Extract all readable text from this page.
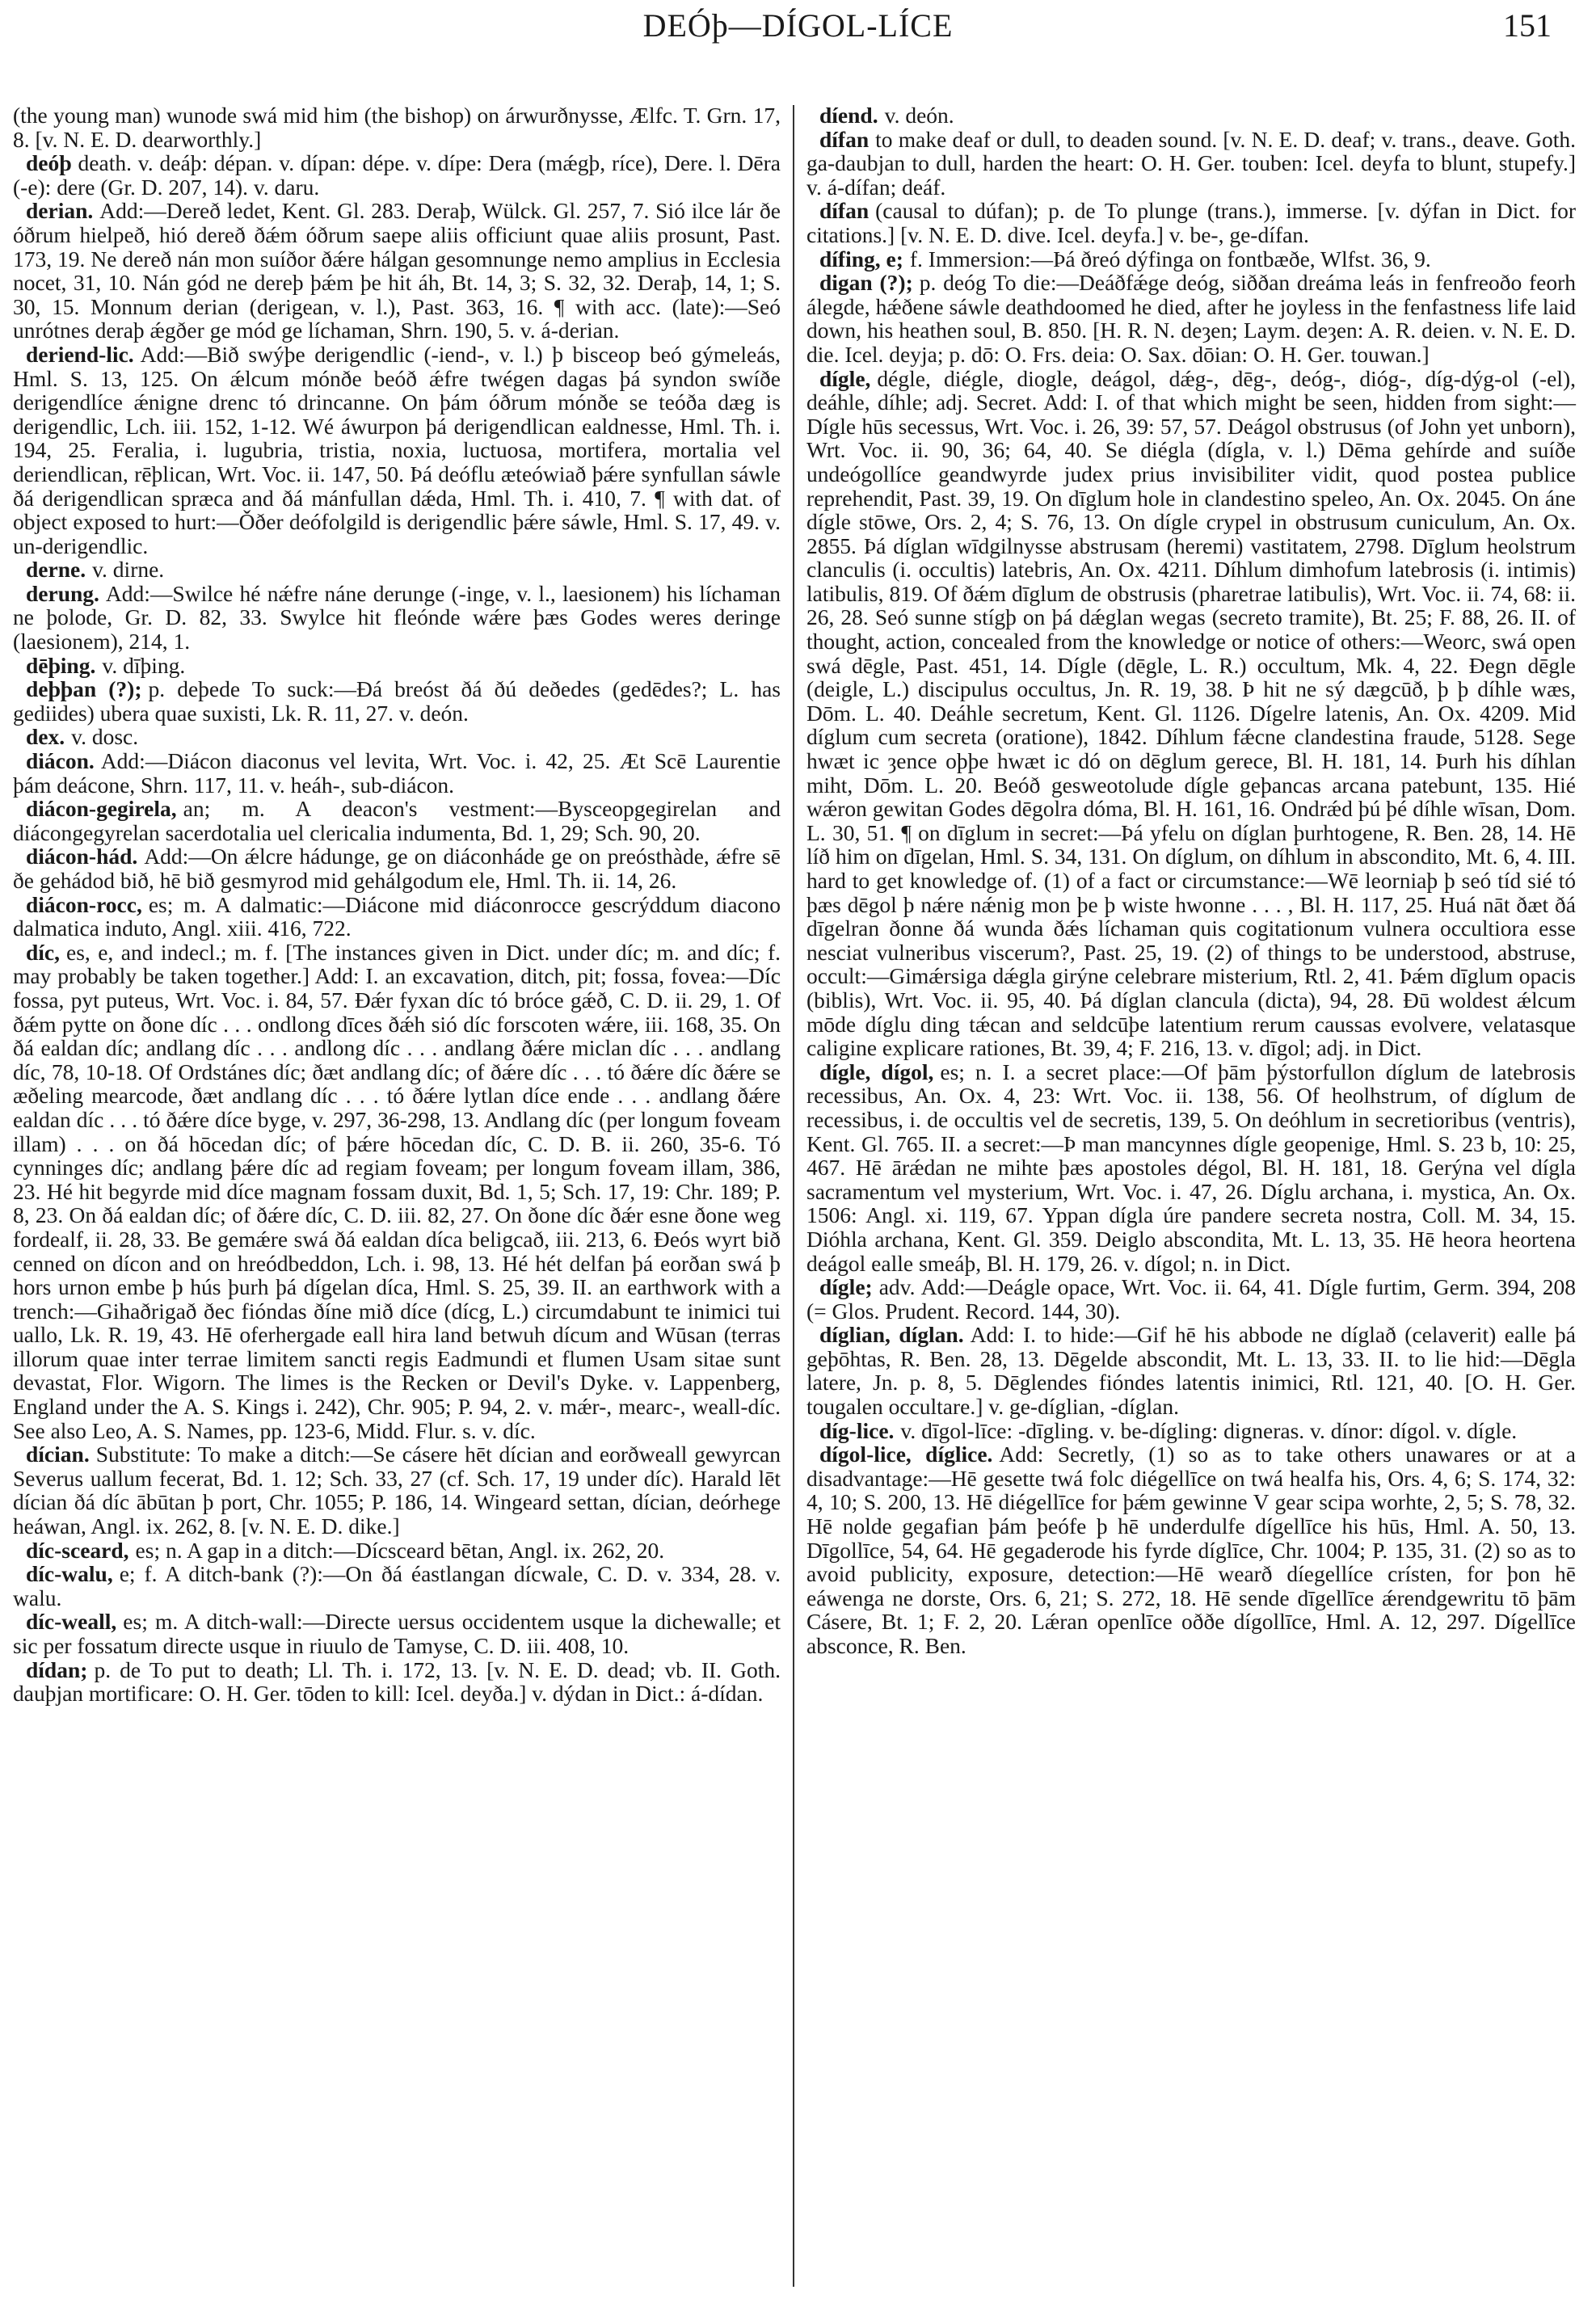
DEÓþ—DÍGOL-LÍCE	151

(the young man) wunode swá mid him (the bishop) on árwurðnysse, Ælfc. T. Grn. 17, 8. [v. N. E. D. dearworthly.]

deóþ death. v. deáþ: dépan. v. dípan: dépe. v. dípe: Dera (mǽgþ, ríce), Dere. l. Dēra (-e): dere (Gr. D. 207, 14). v. daru.

derian. Add:—Dereð ledet, Kent. Gl. 283. Deraþ, Wülck. Gl. 257, 7. Sió ilce lár ðe óðrum hielpeð, hió dereð ðǽm óðrum saepe aliis officiunt quae aliis prosunt, Past. 173, 19. Ne dereð nán mon suíðor ðǽre hálgan gesomnunge nemo amplius in Ecclesia nocet, 31, 10. Nán gód ne dereþ þǽm þe hit áh, Bt. 14, 3; S. 32, 32. Deraþ, 14, 1; S. 30, 15. Monnum derian (derigean, v. l.), Past. 363, 16. ¶ with acc. (late):—Seó unrótnes deraþ ǽgðer ge mód ge líchaman, Shrn. 190, 5. v. á-derian.

deriend-lic. Add:—Bið swýþe derigendlic (-iend-, v. l.) þ bisceop beó gýmeleás, Hml. S. 13, 125. On ǽlcum mónðe beóð ǽfre twégen dagas þá syndon swíðe derigendlíce ǽnigne drenc tó drincanne. On þám óðrum mónðe se teóða dæg is derigendlic, Lch. iii. 152, 1-12. Wé áwurpon þá derigendlican ealdnesse, Hml. Th. i. 194, 25. Feralia, i. lugubria, tristia, noxia, luctuosa, mortifera, mortalia vel deriendlican, rēþlican, Wrt. Voc. ii. 147, 50. Þá deóflu æteówiað þǽre synfullan sáwle ðá derigendlican spræca and ðá mánfullan dǽda, Hml. Th. i. 410, 7. ¶ with dat. of object exposed to hurt:—Ǒðer deófolgild is derigendlic þǽre sáwle, Hml. S. 17, 49. v. un-derigendlic.

derne. v. dirne.

derung. Add:—Swilce hé nǽfre náne derunge (-inge, v. l., laesionem) his líchaman ne þolode, Gr. D. 82, 33. Swylce hit fleónde wǽre þæs Godes weres deringe (laesionem), 214, 1.

dēþing. v. dīþing.

deþþan (?); p. deþede To suck:—Ðá breóst ðá ðú deðedes (gedēdes?; L. has gediides) ubera quae suxisti, Lk. R. 11, 27. v. deón.

dex. v. dosc.

diácon. Add:—Diácon diaconus vel levita, Wrt. Voc. i. 42, 25. Æt Scē Laurentie þám deácone, Shrn. 117, 11. v. heáh-, sub-diácon.

diácon-gegirela, an; m. A deacon's vestment:—Bysceopgegirelan and diácongegyrelan sacerdotalia uel clericalia indumenta, Bd. 1, 29; Sch. 90, 20.

diácon-hád. Add:—On ǽlcre hádunge, ge on diáconháde ge on preósthàde, ǽfre sē ðe gehádod bið, hē bið gesmyrod mid gehálgodum ele, Hml. Th. ii. 14, 26.

diácon-rocc, es; m. A dalmatic:—Diácone mid diáconrocce gescrýddum diacono dalmatica induto, Angl. xiii. 416, 722.

díc, es, e, and indecl.; m. f. [The instances given in Dict. under díc; m. and díc; f. may probably be taken together.] Add: I. an excavation, ditch, pit; fossa, fovea:—Díc fossa, pyt puteus, Wrt. Voc. i. 84, 57. Ðǽr fyxan díc tó bróce gǽð, C. D. ii. 29, 1. Of ðǽm pytte on ðone díc . . . ondlong dīces ðǽh sió díc forscoten wǽre, iii. 168, 35. On ðá ealdan díc; andlang díc . . . andlong díc . . . andlang ðǽre miclan díc . . . andlang díc, 78, 10-18. Of Ordstánes díc; ðæt andlang díc; of ðǽre díc . . . tó ðǽre díc ðǽre se æðeling mearcode, ðæt andlang díc . . . tó ðǽre lytlan díce ende . . . andlang ðǽre ealdan díc . . . tó ðǽre díce byge, v. 297, 36-298, 13. Andlang díc (per longum foveam illam) . . . on ðá hōcedan díc; of þǽre hōcedan díc, C. D. B. ii. 260, 35-6. Tó cynninges díc; andlang þǽre díc ad regiam foveam; per longum foveam illam, 386, 23. Hé hit begyrde mid díce magnam fossam duxit, Bd. 1, 5; Sch. 17, 19: Chr. 189; P. 8, 23. On ðá ealdan díc; of ðǽre díc, C. D. iii. 82, 27. On ðone díc ðǽr esne ðone weg fordealf, ii. 28, 33. Be gemǽre swá ðá ealdan díca beligcað, iii. 213, 6. Ðeós wyrt bið cenned on dícon and on hreódbeddon, Lch. i. 98, 13. Hé hét delfan þá eorðan swá þ hors urnon embe þ hús þurh þá dígelan díca, Hml. S. 25, 39. II. an earthwork with a trench:—Gihaðrigað ðec fióndas ðíne mið díce (dícg, L.) circumdabunt te inimici tui uallo, Lk. R. 19, 43. Hē oferhergade eall hira land betwuh dícum and Wūsan (terras illorum quae inter terrae limitem sancti regis Eadmundi et flumen Usam sitae sunt devastat, Flor. Wigorn. The limes is the Recken or Devil's Dyke. v. Lappenberg, England under the A. S. Kings i. 242), Chr. 905; P. 94, 2. v. mǽr-, mearc-, weall-díc. See also Leo, A. S. Names, pp. 123-6, Midd. Flur. s. v. díc.

dícian. Substitute: To make a ditch:—Se cásere hēt dícian and eorðweall gewyrcan Severus uallum fecerat, Bd. 1. 12; Sch. 33, 27 (cf. Sch. 17, 19 under díc). Harald lēt dícian ðá díc ābūtan þ port, Chr. 1055; P. 186, 14. Wingeard settan, dícian, deórhege heáwan, Angl. ix. 262, 8. [v. N. E. D. dike.]

díc-sceard, es; n. A gap in a ditch:—Dícsceard bētan, Angl. ix. 262, 20.

díc-walu, e; f. A ditch-bank (?):—On ðá éastlangan dícwale, C. D. v. 334, 28. v. walu.

díc-weall, es; m. A ditch-wall:—Directe uersus occidentem usque la dichewalle; et sic per fossatum directe usque in riuulo de Tamyse, C. D. iii. 408, 10.

dídan; p. de To put to death; Ll. Th. i. 172, 13. [v. N. E. D. dead; vb. II. Goth. dauþjan mortificare: O. H. Ger. tōden to kill: Icel. deyða.] v. dýdan in Dict.: á-dídan.

díend. v. deón.

dífan to make deaf or dull, to deaden sound. [v. N. E. D. deaf; v. trans., deave. Goth. ga-daubjan to dull, harden the heart: O. H. Ger. touben: Icel. deyfa to blunt, stupefy.] v. á-dífan; deáf.

dífan (causal to dúfan); p. de To plunge (trans.), immerse. [v. dýfan in Dict. for citations.] [v. N. E. D. dive. Icel. deyfa.] v. be-, ge-dífan.

dífing, e; f. Immersion:—Þá ðreó dýfinga on fontbæðe, Wlfst. 36, 9.

digan (?); p. deóg To die:—Deáðfǽge deóg, siððan dreáma leás in fenfreoðo feorh álegde, hǽðene sáwle deathdoomed he died, after he joyless in the fenfastness life laid down, his heathen soul, B. 850. [H. R. N. deȝen; Laym. deȝen: A. R. deien. v. N. E. D. die. Icel. deyja; p. dō: O. Frs. deia: O. Sax. dōian: O. H. Ger. touwan.]

dígle, dégle, diégle, diogle, deágol, dǽg-, dēg-, deóg-, dióg-, díg-dýg-ol (-el), deáhle, díhle; adj. Secret. Add: I. of that which might be seen, hidden from sight:—Dígle hūs secessus, Wrt. Voc. i. 26, 39: 57, 57. Deágol obstrusus (of John yet unborn), Wrt. Voc. ii. 90, 36; 64, 40. Se diégla (dígla, v. l.) Dēma gehírde and suíðe undeógollíce geandwyrde judex prius invisibiliter vidit, quod postea publice reprehendit, Past. 39, 19. On dīglum hole in clandestino speleo, An. Ox. 2045. On áne dígle stōwe, Ors. 2, 4; S. 76, 13. On dígle crypel in obstrusum cuniculum, An. Ox. 2855. Þá díglan wīdgilnysse abstrusam (heremi) vastitatem, 2798. Dīglum heolstrum clanculis (i. occultis) latebris, An. Ox. 4211. Díhlum dimhofum latebrosis (i. intimis) latibulis, 819. Of ðǽm dīglum de obstrusis (pharetrae latibulis), Wrt. Voc. ii. 74, 68: ii. 26, 28. Seó sunne stígþ on þá dǽglan wegas (secreto tramite), Bt. 25; F. 88, 26. II. of thought, action, concealed from the knowledge or notice of others:—Weorc, swá open swá dēgle, Past. 451, 14. Dígle (dēgle, L. R.) occultum, Mk. 4, 22. Ðegn dēgle (deigle, L.) discipulus occultus, Jn. R. 19, 38. Þ hit ne sý dægcūð, þ þ díhle wæs, Dōm. L. 40. Deáhle secretum, Kent. Gl. 1126. Dígelre latenis, An. Ox. 4209. Mid díglum cum secreta (oratione), 1842. Díhlum fǽcne clandestina fraude, 5128. Sege hwæt ic ȝence oþþe hwæt ic dó on dēglum gerece, Bl. H. 181, 14. Þurh his díhlan miht, Dōm. L. 20. Beóð gesweotolude dígle geþancas arcana patebunt, 135. Hié wǽron gewitan Godes dēgolra dóma, Bl. H. 161, 16. Ondrǽd þú þé díhle wīsan, Dom. L. 30, 51. ¶ on dīglum in secret:—Þá yfelu on díglan þurhtogene, R. Ben. 28, 14. Hē líð him on dīgelan, Hml. S. 34, 131. On díglum, on díhlum in abscondito, Mt. 6, 4. III. hard to get knowledge of. (1) of a fact or circumstance:—Wē leorniaþ þ seó tíd sié tó þæs dēgol þ nǽre nǽnig mon þe þ wiste hwonne . . . , Bl. H. 117, 25. Huá nāt ðæt ðá dīgelran ðonne ðá wunda ðǽs líchaman quis cogitationum vulnera occultiora esse nesciat vulneribus viscerum?, Past. 25, 19. (2) of things to be understood, abstruse, occult:—Gimǽrsiga dǽgla girýne celebrare misterium, Rtl. 2, 41. Þǽm dīglum opacis (biblis), Wrt. Voc. ii. 95, 40. Þá díglan clancula (dicta), 94, 28. Ðū woldest ǽlcum mōde díglu ding tǽcan and seldcūþe latentium rerum caussas evolvere, velatasque caligine explicare rationes, Bt. 39, 4; F. 216, 13. v. dīgol; adj. in Dict.

dígle, dígol, es; n. I. a secret place:—Of þām þýstorfullon díglum de latebrosis recessibus, An. Ox. 4, 23: Wrt. Voc. ii. 138, 56. Of heolhstrum, of díglum de recessibus, i. de occultis vel de secretis, 139, 5. On deóhlum in secretioribus (ventris), Kent. Gl. 765. II. a secret:—Þ man mancynnes dígle geopenige, Hml. S. 23 b, 10: 25, 467. Hē ārǽdan ne mihte þæs apostoles dégol, Bl. H. 181, 18. Gerýna vel dígla sacramentum vel mysterium, Wrt. Voc. i. 47, 26. Díglu archana, i. mystica, An. Ox. 1506: Angl. xi. 119, 67. Yppan dígla úre pandere secreta nostra, Coll. M. 34, 15. Dióhla archana, Kent. Gl. 359. Deiglo abscondita, Mt. L. 13, 35. Hē heora heortena deágol ealle smeáþ, Bl. H. 179, 26. v. dígol; n. in Dict.

dígle; adv. Add:—Deágle opace, Wrt. Voc. ii. 64, 41. Dígle furtim, Germ. 394, 208 (= Glos. Prudent. Record. 144, 30).

díglian, díglan. Add: I. to hide:—Gif hē his abbode ne díglað (celaverit) ealle þá geþōhtas, R. Ben. 28, 13. Dēgelde abscondit, Mt. L. 13, 33. II. to lie hid:—Dēgla latere, Jn. p. 8, 5. Dēglendes fióndes latentis inimici, Rtl. 121, 40. [O. H. Ger. tougalen occultare.] v. ge-díglian, -díglan.

díg-lice. v. dīgol-līce: -dīgling. v. be-dígling: digneras. v. dínor: dígol. v. dígle.

dígol-lice, díglice. Add: Secretly, (1) so as to take others unawares or at a disadvantage:—Hē gesette twá folc diégellīce on twá healfa his, Ors. 4, 6; S. 174, 32: 4, 10; S. 200, 13. Hē diégellīce for þǽm gewinne V gear scipa worhte, 2, 5; S. 78, 32. Hē nolde gegafian þám þeófe þ hē underdulfe dígellīce his hūs, Hml. A. 50, 13. Dīgollīce, 54, 64. Hē gegaderode his fyrde díglīce, Chr. 1004; P. 135, 31. (2) so as to avoid publicity, exposure, detection:—Hē wearð díegellíce crísten, for þon hē eáwenga ne dorste, Ors. 6, 21; S. 272, 18. Hē sende dīgellīce ǽrendgewritu tō þām Cásere, Bt. 1; F. 2, 20. Lǽran openlīce oððe dígollīce, Hml. A. 12, 297. Dígellīce absconce, R. Ben.
